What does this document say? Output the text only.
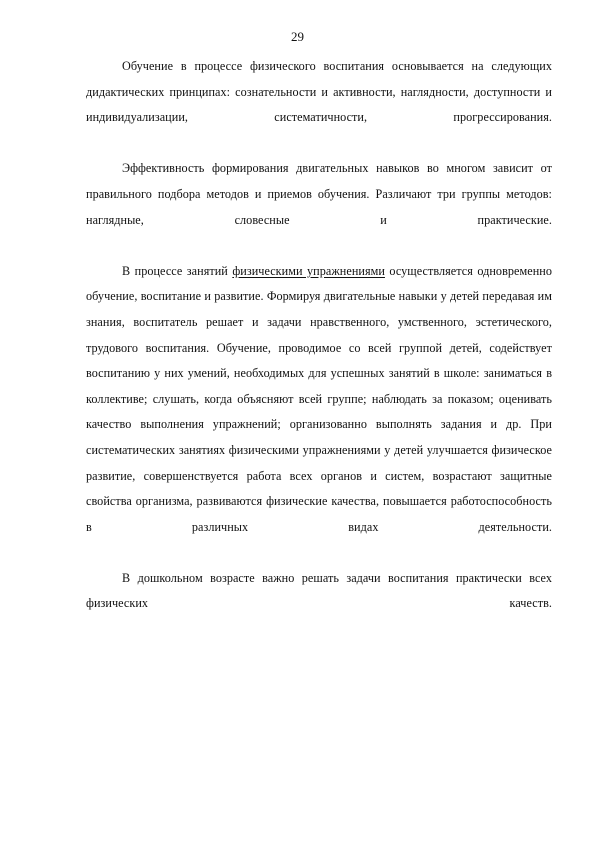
29

Обучение в процессе физического воспитания основывается на следующих дидактических принципах: сознательности и активности, наглядности, доступности и индивидуализации, систематичности, прогрессирования.

Эффективность формирования двигательных навыков во многом зависит от правильного подбора методов и приемов обучения. Различают три группы методов: наглядные, словесные и практические.

В процессе занятий физическими упражнениями осуществляется одновременно обучение, воспитание и развитие. Формируя двигательные навыки у детей передавая им знания, воспитатель решает и задачи нравственного, умственного, эстетического, трудового воспитания. Обучение, проводимое со всей группой детей, содействует воспитанию у них умений, необходимых для успешных занятий в школе: заниматься в коллективе; слушать, когда объясняют всей группе; наблюдать за показом; оценивать качество выполнения упражнений; организованно выполнять задания и др. При систематических занятиях физическими упражнениями у детей улучшается физическое развитие, совершенствуется работа всех органов и систем, возрастают защитные свойства организма, развиваются физические качества, повышается работоспособность в различных видах деятельности.

В дошкольном возрасте важно решать задачи воспитания практически всех физических качеств.
